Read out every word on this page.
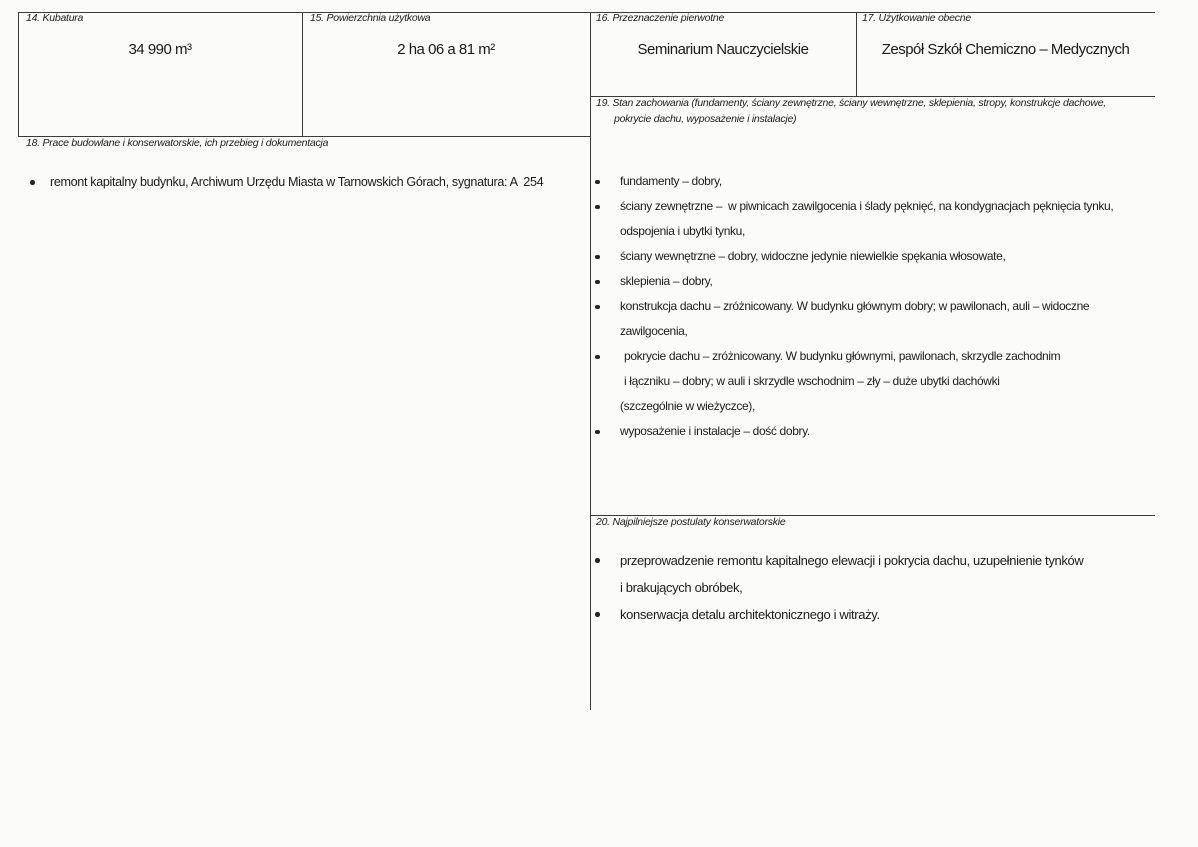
14. Kubatura
34 990 m³
15. Powierzchnia użytkowa
2 ha 06 a 81 m²
16. Przeznaczenie pierwotne
Seminarium Nauczycielskie
17. Użytkowanie obecne
Zespół Szkół Chemiczno – Medycznych
19. Stan zachowania (fundamenty, ściany zewnętrzne, ściany wewnętrzne, sklepienia, stropy, konstrukcje dachowe,
pokrycie dachu, wyposażenie i instalacje)
18. Prace budowlane i konserwatorskie, ich przebieg i dokumentacja
remont kapitalny budynku, Archiwum Urzędu Miasta w Tarnowskich Górach, sygnatura: A  254	fundamenty – dobry,
ściany zewnętrzne –  w piwnicach zawilgocenia i ślady pęknięć, na kondygnacjach pęknięcia tynku,
odspojenia i ubytki tynku,
ściany wewnętrzne – dobry, widoczne jedynie niewielkie spękania włosowate,
sklepienia – dobry,
konstrukcja dachu – zróżnicowany. W budynku głównym dobry; w pawilonach, auli – widoczne
zawilgocenia,
pokrycie dachu – zróżnicowany. W budynku głównymi, pawilonach, skrzydle zachodnim
i łączniku – dobry; w auli i skrzydle wschodnim – zły – duże ubytki dachówki
(szczególnie w wieżyczce),
wyposażenie i instalacje – dość dobry.
20. Najpilniejsze postulaty konserwatorskie
przeprowadzenie remontu kapitalnego elewacji i pokrycia dachu, uzupełnienie tynków
i brakujących obróbek,
konserwacja detalu architektonicznego i witraży.
